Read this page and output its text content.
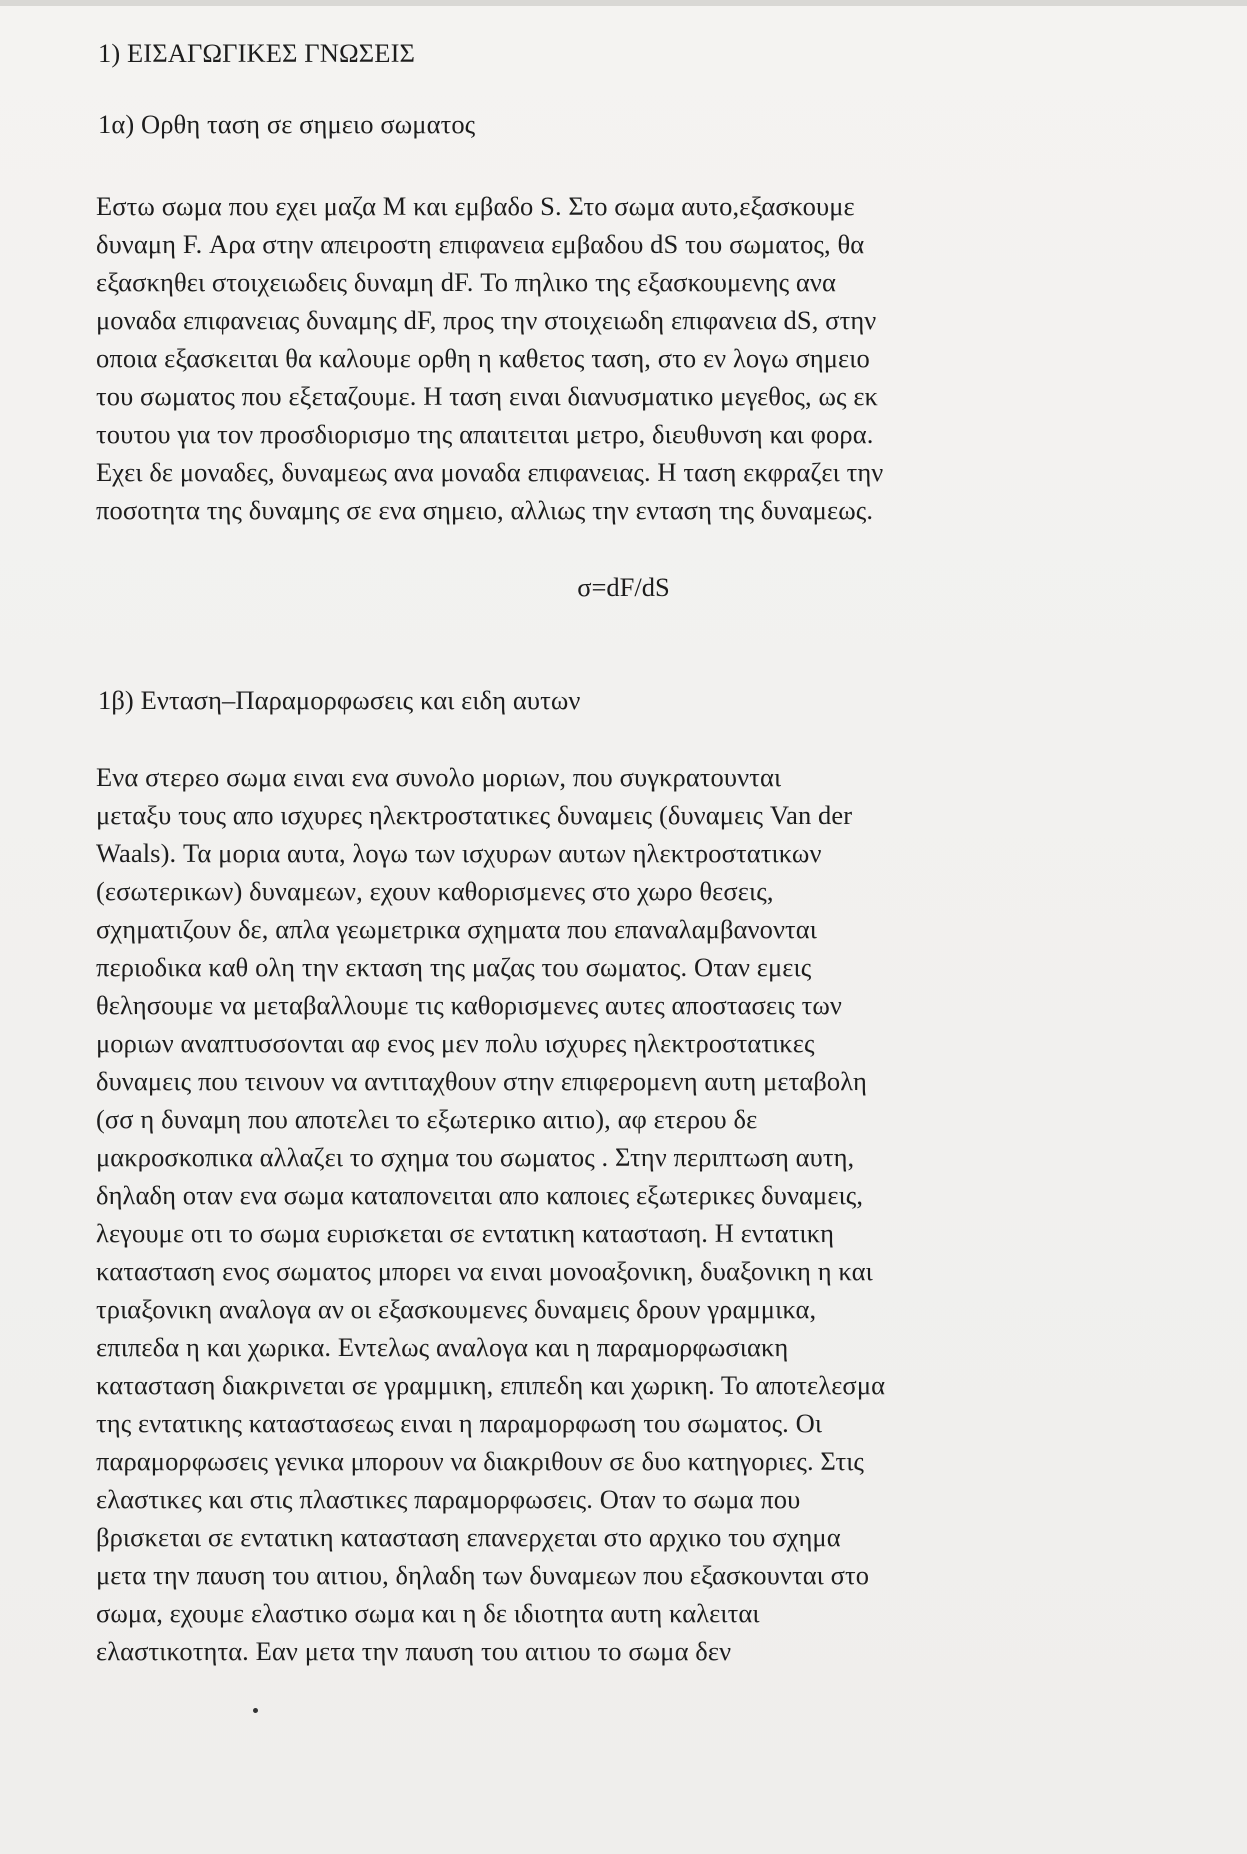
1) ΕΙΣΑΓΩΓΙΚΕΣ ΓΝΩΣΕΙΣ
1α) Ορθη ταση σε σημειο σωματος
Εστω σωμα που εχει μαζα Μ και εμβαδο S. Στο σωμα αυτο,εξασκουμε
δυναμη F. Αρα στην απειροστη επιφανεια εμβαδου dS του σωματος, θα
εξασκηθει στοιχειωδεις δυναμη dF. Το πηλικο της εξασκουμενης ανα
μοναδα επιφανειας δυναμης dF, προς την στοιχειωδη επιφανεια dS, στην
οποια εξασκειται θα καλουμε ορθη η καθετος ταση, στο εν λογω σημειο
του σωματος που εξεταζουμε. Η ταση ειναι διανυσματικο μεγεθος, ως εκ
τουτου για τον προσδιορισμο της απαιτειται μετρο, διευθυνση και φορα.
Εχει δε μοναδες, δυναμεως ανα μοναδα επιφανειας. Η ταση εκφραζει την
ποσοτητα της δυναμης σε ενα σημειο, αλλιως την ενταση της δυναμεως.
σ=dF/dS
1β) Ενταση–Παραμορφωσεις και ειδη αυτων
Ενα στερεο σωμα ειναι ενα συνολο μοριων, που συγκρατουνται
μεταξυ τους απο ισχυρες ηλεκτροστατικες δυναμεις (δυναμεις Van der
Waals). Τα μορια αυτα, λογω των ισχυρων αυτων ηλεκτροστατικων
(εσωτερικων) δυναμεων, εχουν καθορισμενες στο χωρο θεσεις,
σχηματιζουν δε, απλα γεωμετρικα σχηματα που επαναλαμβανονται
περιοδικα καθ ολη την εκταση της μαζας του σωματος. Οταν εμεις
θελησουμε να μεταβαλλουμε τις καθορισμενες αυτες αποστασεις των
μοριων αναπτυσσονται αφ ενος μεν πολυ ισχυρες ηλεκτροστατικες
δυναμεις που τεινουν να αντιταχθουν στην επιφερομενη αυτη μεταβολη
(σσ η δυναμη που αποτελει το εξωτερικο αιτιο), αφ ετερου δε
μακροσκοπικα αλλαζει το σχημα του σωματος . Στην περιπτωση αυτη,
δηλαδη οταν ενα σωμα καταπονειται απο καποιες εξωτερικες δυναμεις,
λεγουμε οτι το σωμα ευρισκεται σε εντατικη κατασταση. Η εντατικη
κατασταση ενος σωματος μπορει να ειναι μονοαξονικη, δυαξονικη η και
τριαξονικη αναλογα αν οι εξασκουμενες δυναμεις δρουν γραμμικα,
επιπεδα η και χωρικα. Εντελως αναλογα και η παραμορφωσιακη
κατασταση διακρινεται σε γραμμικη, επιπεδη και χωρικη. Το αποτελεσμα
της εντατικης καταστασεως ειναι η παραμορφωση του σωματος. Οι
παραμορφωσεις γενικα μπορουν να διακριθουν σε δυο κατηγοριες. Στις
ελαστικες και στις πλαστικες παραμορφωσεις. Οταν το σωμα που
βρισκεται σε εντατικη κατασταση επανερχεται στο αρχικο του σχημα
μετα την παυση του αιτιου, δηλαδη των δυναμεων που εξασκουνται στο
σωμα, εχουμε ελαστικο σωμα και η δε ιδιοτητα αυτη καλειται
ελαστικοτητα. Εαν μετα την παυση του αιτιου το σωμα δεν
